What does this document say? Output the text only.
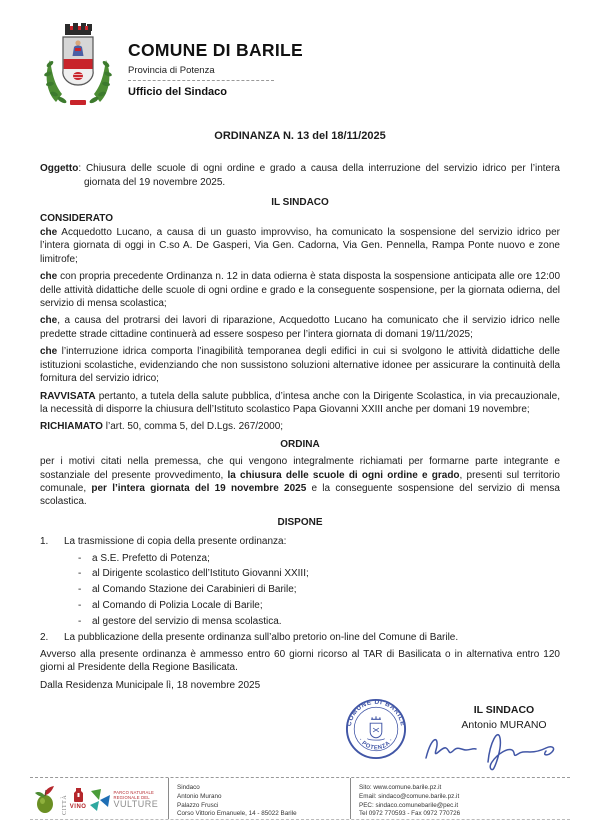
COMUNE DI BARILE
Provincia di Potenza
Ufficio del Sindaco

ORDINANZA N. 13 del 18/11/2025

Oggetto: Chiusura delle scuole di ogni ordine e grado a causa della interruzione del servizio idrico per l’intera giornata del 19 novembre 2025.

IL SINDACO

CONSIDERATO

che Acquedotto Lucano, a causa di un guasto improvviso, ha comunicato la sospensione del servizio idrico per l’intera giornata di oggi in C.so A. De Gasperi, Via Gen. Cadorna, Via Gen. Pennella, Rampa Ponte nuovo e zone limitrofe;

che con propria precedente Ordinanza n. 12 in data odierna è stata disposta la sospensione anticipata alle ore 12:00 delle attività didattiche delle scuole di ogni ordine e grado e la conseguente sospensione, per la giornata odierna, del servizio di mensa scolastica;

che, a causa del protrarsi dei lavori di riparazione, Acquedotto Lucano ha comunicato che il servizio idrico nelle predette strade cittadine continuerà ad essere sospeso per l’intera giornata di domani 19/11/2025;

che l’interruzione idrica comporta l’inagibilità temporanea degli edifici in cui si svolgono le attività didattiche delle istituzioni scolastiche, evidenziando che non sussistono soluzioni alternative idonee per assicurare la continuità della fornitura del servizio idrico;

RAVVISATA pertanto, a tutela della salute pubblica, d’intesa anche con la Dirigente Scolastica, in via precauzionale, la necessità di disporre la chiusura dell’Istituto scolastico Papa Giovanni XXIII anche per domani 19 novembre;

RICHIAMATO l’art. 50, comma 5, del D.Lgs. 267/2000;

ORDINA

per i motivi citati nella premessa, che qui vengono integralmente richiamati per formarne parte integrante e sostanziale del presente provvedimento, la chiusura delle scuole di ogni ordine e grado, presenti sul territorio comunale, per l’intera giornata del 19 novembre 2025 e la conseguente sospensione del servizio di mensa scolastica.

DISPONE

1.	La trasmissione di copia della presente ordinanza:
-	a S.E. Prefetto di Potenza;
-	al Dirigente scolastico dell’Istituto Giovanni XXIII;
-	al Comando Stazione dei Carabinieri di Barile;
-	al Comando di Polizia Locale di Barile;
-	al gestore del servizio di mensa scolastica.
2.	La pubblicazione della presente ordinanza sull’albo pretorio on-line del Comune di Barile.

Avverso alla presente ordinanza è ammesso entro 60 giorni ricorso al TAR di Basilicata o in alternativa entro 120 giorni al Presidente della Regione Basilicata.

Dalla Residenza Municipale lì, 18 novembre 2025

COMUNE DI BARILE
· POTENZA ·
IL SINDACO
Antonio MURANO
CITTÀ VINO
PARCO NATURALE
REGIONALE DEL
VULTURE
Sindaco
Antonio Murano
Palazzo Frusci
Corso Vittorio Emanuele, 14 - 85022 Barile
Sito: www.comune.barile.pz.it
Email: sindaco@comune.barile.pz.it
PEC: sindaco.comunebarile@pec.it
Tel 0972 770593 - Fax 0972 770726
